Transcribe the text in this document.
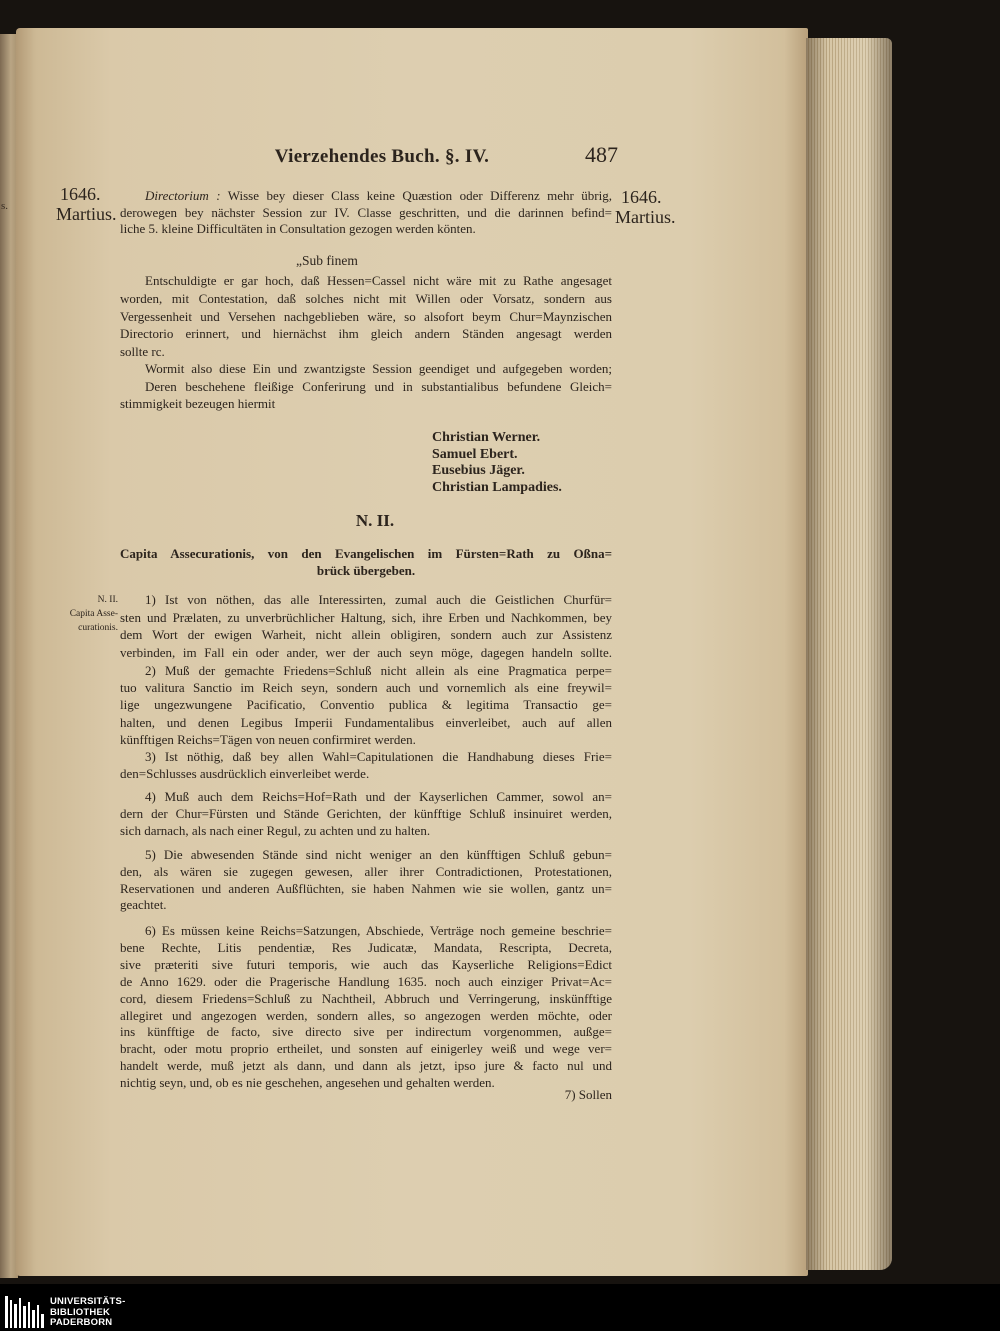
s.
Vierzehendes Buch. §. IV.	487
1646.
Martius.
1646.
Martius.
Directorium : Wisse bey dieser Class keine Quæstion oder Differenz mehr übrig,
derowegen bey nächster Session zur IV. Classe geschritten, und die darinnen befind=
liche 5. kleine Difficultäten in Consultation gezogen werden könten.
„Sub finem
Entschuldigte er gar hoch, daß Hessen=Cassel nicht wäre mit zu Rathe angesaget
worden, mit Contestation, daß solches nicht mit Willen oder Vorsatz, sondern aus
Vergessenheit und Versehen nachgeblieben wäre, so alsofort beym Chur=Maynzischen
Directorio erinnert, und hiernächst ihm gleich andern Ständen angesagt werden
sollte rc.
Wormit also diese Ein und zwantzigste Session geendiget und aufgegeben worden;
Deren beschehene fleißige Conferirung und in substantialibus befundene Gleich=
stimmigkeit bezeugen hiermit
Christian Werner.
Samuel Ebert.
Eusebius Jäger.
Christian Lampadies.
N. II.
Capita Assecurationis, von den Evangelischen im Fürsten=Rath zu Oßna=
brück übergeben.
N. II.
Capita Asse-
curationis.
1) Ist von nöthen, das alle Interessirten, zumal auch die Geistlichen Churfür=
sten und Prælaten, zu unverbrüchlicher Haltung, sich, ihre Erben und Nachkommen, bey
dem Wort der ewigen Warheit, nicht allein obligiren, sondern auch zur Assistenz
verbinden, im Fall ein oder ander, wer der auch seyn möge, dagegen handeln sollte.
2) Muß der gemachte Friedens=Schluß nicht allein als eine Pragmatica perpe=
tuo valitura Sanctio im Reich seyn, sondern auch und vornemlich als eine freywil=
lige ungezwungene Pacificatio, Conventio publica & legitima Transactio ge=
halten, und denen Legibus Imperii Fundamentalibus einverleibet, auch auf allen
künfftigen Reichs=Tägen von neuen confirmiret werden.
3) Ist nöthig, daß bey allen Wahl=Capitulationen die Handhabung dieses Frie=
den=Schlusses ausdrücklich einverleibet werde.
4) Muß auch dem Reichs=Hof=Rath und der Kayserlichen Cammer, sowol an=
dern der Chur=Fürsten und Stände Gerichten, der künfftige Schluß insinuiret werden,
sich darnach, als nach einer Regul, zu achten und zu halten.
5) Die abwesenden Stände sind nicht weniger an den künfftigen Schluß gebun=
den, als wären sie zugegen gewesen, aller ihrer Contradictionen, Protestationen,
Reservationen und anderen Außflüchten, sie haben Nahmen wie sie wollen, gantz un=
geachtet.
6) Es müssen keine Reichs=Satzungen, Abschiede, Verträge noch gemeine beschrie=
bene Rechte, Litis pendentiæ, Res Judicatæ, Mandata, Rescripta, Decreta,
sive præteriti sive futuri temporis, wie auch das Kayserliche Religions=Edict
de Anno 1629. oder die Pragerische Handlung 1635. noch auch einziger Privat=Ac=
cord, diesem Friedens=Schluß zu Nachtheil, Abbruch und Verringerung, inskünfftige
allegiret und angezogen werden, sondern alles, so angezogen werden möchte, oder
ins künfftige de facto, sive directo sive per indirectum vorgenommen, außge=
bracht, oder motu proprio ertheilet, und sonsten auf einigerley weiß und wege ver=
handelt werde, muß jetzt als dann, und dann als jetzt, ipso jure & facto nul und
nichtig seyn, und, ob es nie geschehen, angesehen und gehalten werden.
7) Sollen
UNIVERSITÄTS-
BIBLIOTHEK
PADERBORN
